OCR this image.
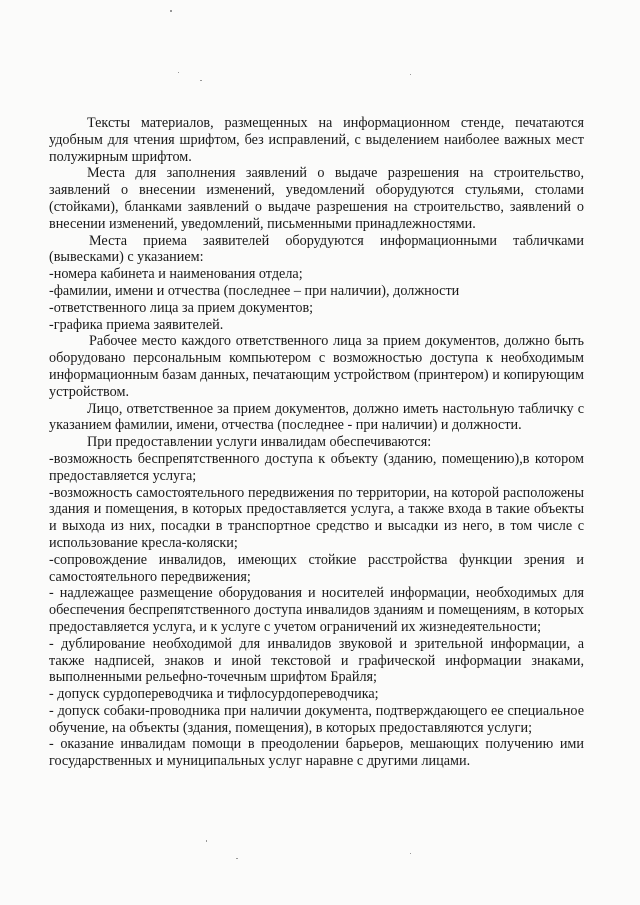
Тексты материалов, размещенных на информационном стенде, печатаются удобным для чтения шрифтом, без исправлений, с выделением наиболее важных мест полужирным шрифтом.

Места для заполнения заявлений о выдаче разрешения на строительство, заявлений о внесении изменений, уведомлений оборудуются стульями, столами (стойками), бланками заявлений о выдаче разрешения на строительство, заявлений о внесении изменений, уведомлений, письменными принадлежностями.

Места приема заявителей оборудуются информационными табличками (вывесками) с указанием:

-номера кабинета и наименования отдела;

-фамилии, имени и отчества (последнее – при наличии), должности

-ответственного лица за прием документов;

-графика приема заявителей.

Рабочее место каждого ответственного лица за прием документов, должно быть оборудовано персональным компьютером с возможностью доступа к необходимым информационным базам данных, печатающим устройством (принтером) и копирующим устройством.

Лицо, ответственное за прием документов, должно иметь настольную табличку с указанием фамилии, имени, отчества (последнее - при наличии) и должности.

При предоставлении услуги инвалидам обеспечиваются:

-возможность беспрепятственного доступа к объекту (зданию, помещению),в котором предоставляется услуга;

-возможность самостоятельного передвижения по территории, на которой расположены здания и помещения, в которых предоставляется услуга, а также входа в такие объекты и выхода из них, посадки в транспортное средство и высадки из него, в том числе с использование кресла-коляски;

-сопровождение инвалидов, имеющих стойкие расстройства функции зрения и самостоятельного передвижения;

- надлежащее размещение оборудования и носителей информации, необходимых для обеспечения беспрепятственного доступа инвалидов зданиям и помещениям, в которых предоставляется услуга, и к услуге с учетом ограничений их жизнедеятельности;

- дублирование необходимой для инвалидов звуковой и зрительной информации, а также надписей, знаков и иной текстовой и графической информации знаками, выполненными рельефно-точечным шрифтом Брайля;

- допуск сурдопереводчика и тифлосурдопереводчика;

- допуск собаки-проводника при наличии документа, подтверждающего ее специальное обучение, на объекты (здания, помещения), в которых предоставляются услуги;

- оказание инвалидам помощи в преодолении барьеров, мешающих получению ими государственных и муниципальных услуг наравне с другими лицами.
